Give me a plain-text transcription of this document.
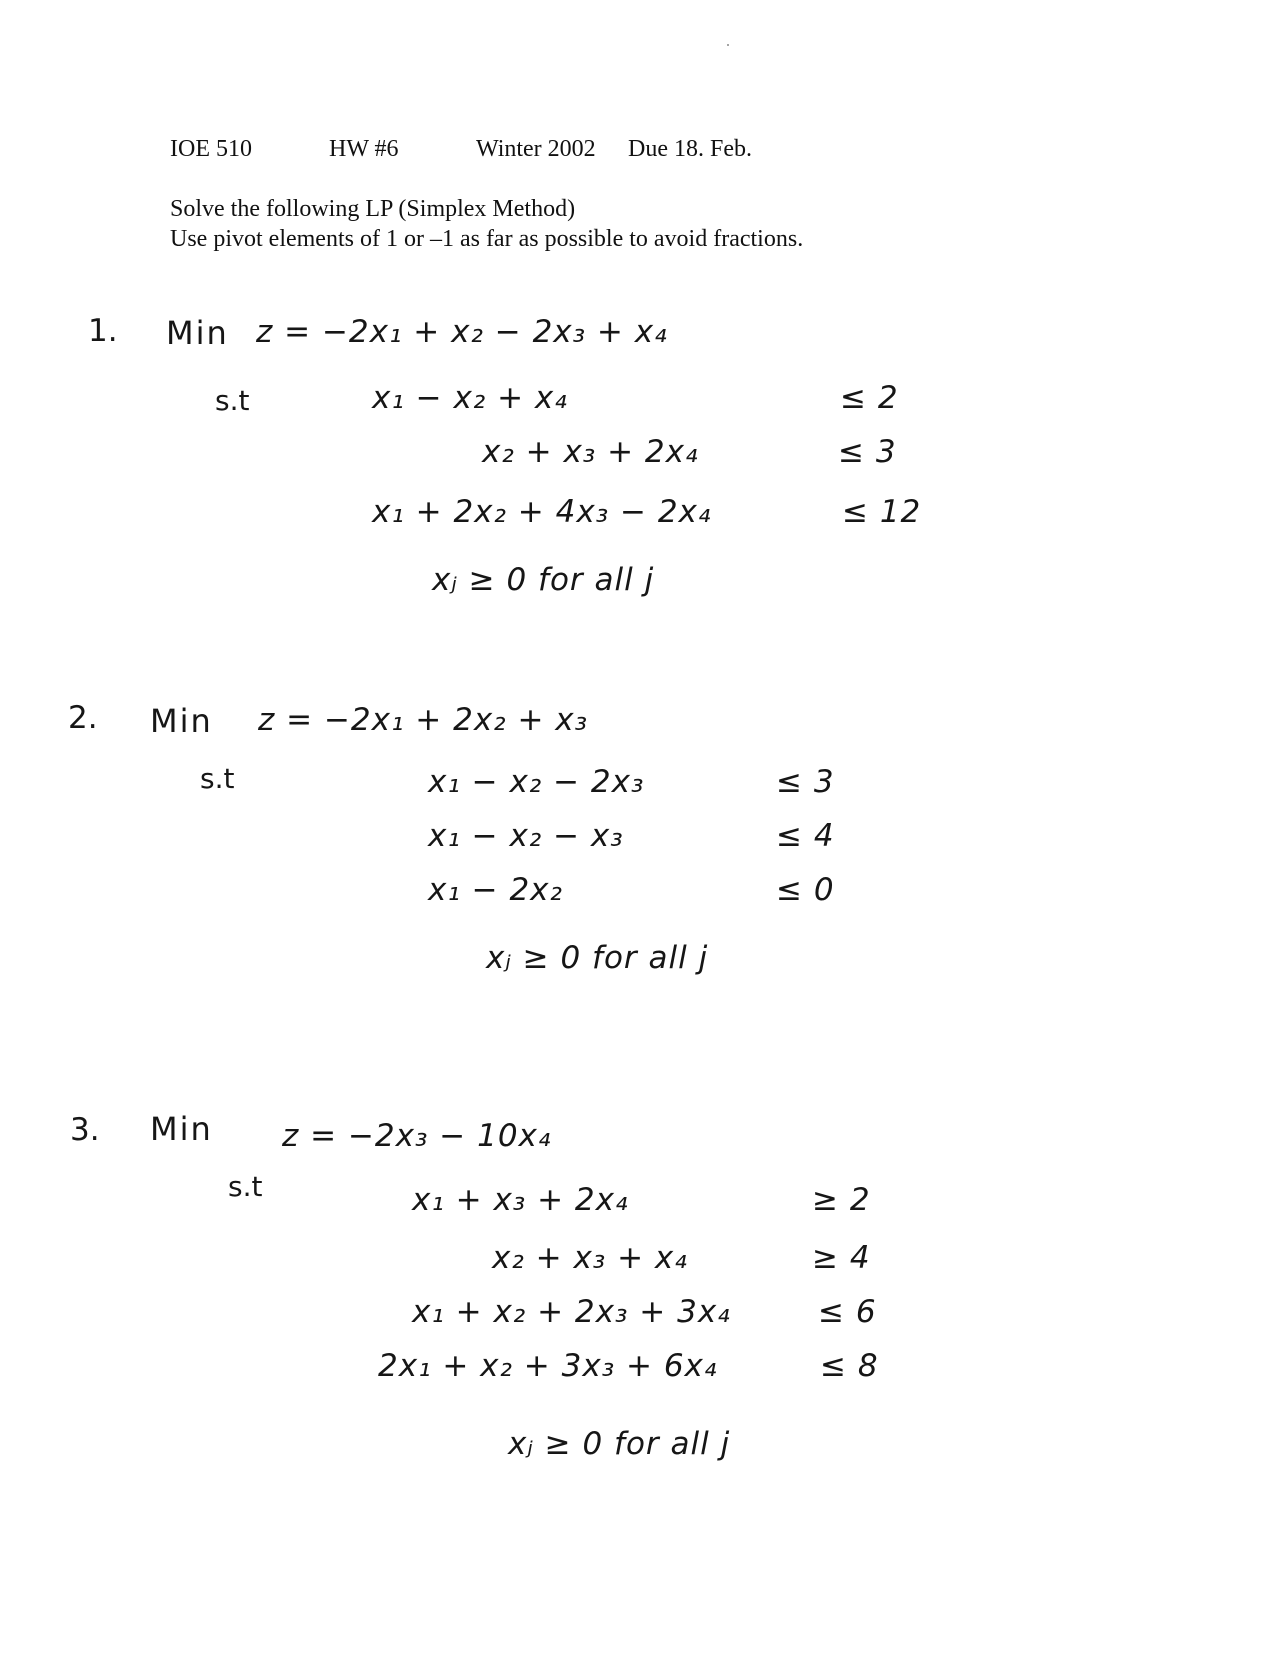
IOE 510	HW #6	Winter 2002 Due 18. Feb.
Solve the following LP (Simplex Method)
Use pivot elements of 1 or –1 as far as possible to avoid fractions.
1. Min z = −2x₁ + x₂ − 2x₃ + x₄
s.t	x₁ − x₂ + x₄	≤ 2
x₂ + x₃ + 2x₄	≤ 3
x₁ + 2x₂ + 4x₃ − 2x₄	≤ 12
xⱼ ≥ 0 for all j
2. Min z = −2x₁ + 2x₂ + x₃
s.t	x₁ − x₂ − 2x₃	≤ 3
x₁ − x₂ − x₃	≤ 4
x₁ − 2x₂	≤ 0
xⱼ ≥ 0 for all j
3. Min z = −2x₃ − 10x₄
s.t	x₁ + x₃ + 2x₄	≥ 2
x₂ + x₃ + x₄	≥ 4
x₁ + x₂ + 2x₃ + 3x₄	≤ 6
2x₁ + x₂ + 3x₃ + 6x₄	≤ 8
xⱼ ≥ 0 for all j
